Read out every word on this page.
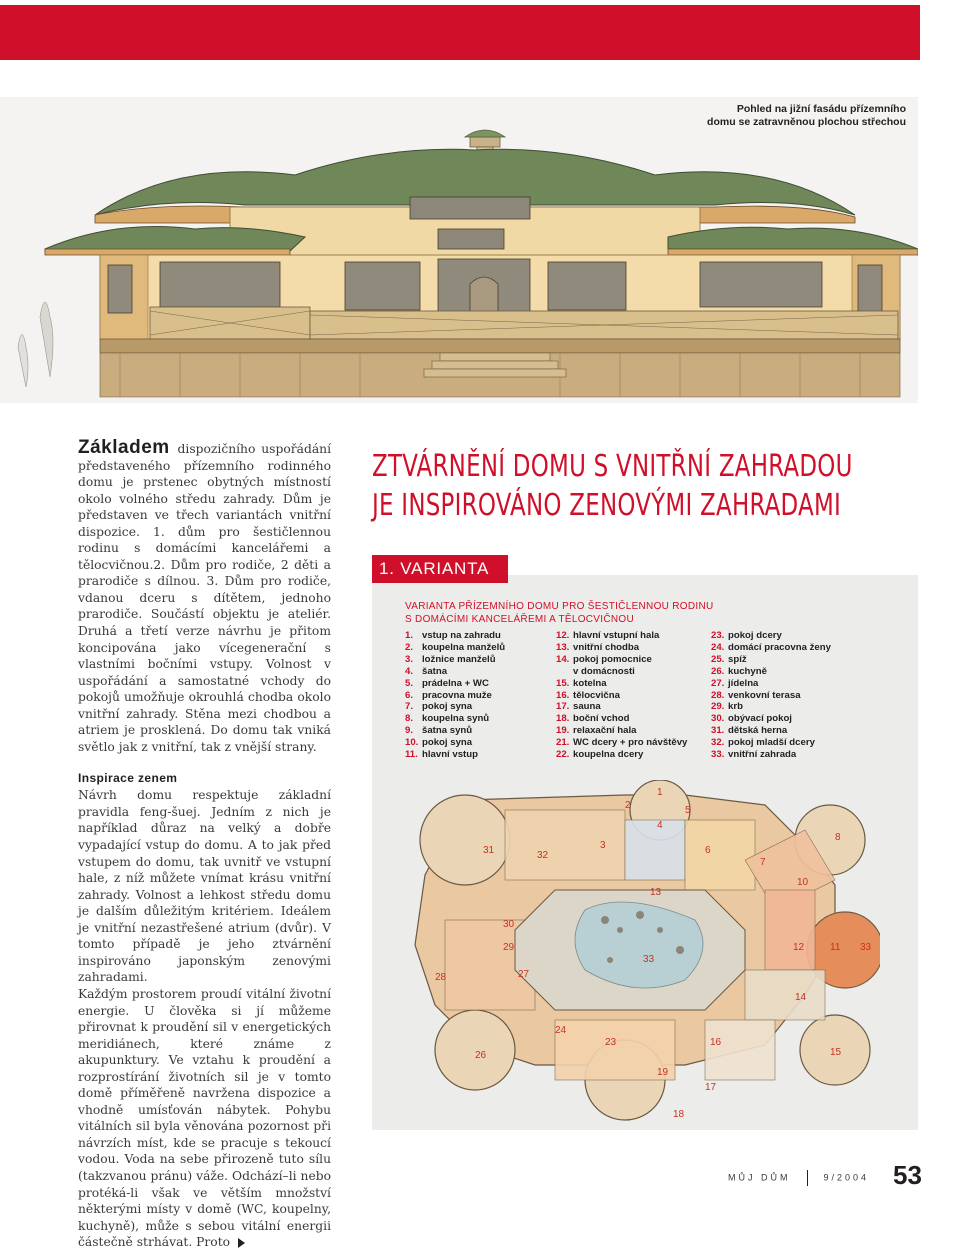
Pohled na jižní fasádu přízemního domu se zatravněnou plochou střechou

Základem dispozičního uspořádání představeného přízemního rodinného domu je prstenec obytných místností okolo volného středu zahrady. Dům je představen ve třech variantách vnitřní dispozice. 1. dům pro šestičlennou rodinu s domácími kancelářemi a tělocvičnou.2. Dům pro rodiče, 2 děti a prarodiče s dílnou. 3. Dům pro rodiče, vdanou dceru s dítětem, jednoho prarodiče. Součástí objektu je ateliér. Druhá a třetí verze návrhu je přitom koncipována jako vícegenerační s vlastními bočními vstupy. Volnost v uspořádání a samostatné vchody do pokojů umožňuje okrouhlá chodba okolo vnitřní zahrady. Stěna mezi chodbou a atriem je prosklená. Do domu tak vniká světlo jak z vnitřní, tak z vnější strany.

Inspirace zenem

Návrh domu respektuje základní pravidla feng-šuej. Jedním z nich je například důraz na velký a dobře vypadající vstup do domu. A to jak před vstupem do domu, tak uvnitř ve vstupní hale, z níž můžete vnímat krásu vnitřní zahrady. Volnost a lehkost středu domu je dalším důležitým kritériem. Ideálem je vnitřní nezastřešené atrium (dvůr). V tomto případě je jeho ztvárnění inspirováno japonským zenovými zahradami.

Každým prostorem proudí vitální životní energie. U člověka si jí můžeme přirovnat k proudění sil v energetických meridiánech, které známe z akupunktury. Ve vztahu k proudění a rozprostírání životních sil je v tomto domě příměřeně navržena dispozice a vhodně umísťován nábytek. Pohybu vitálních sil byla věnována pozornost při návrzích míst, kde se pracuje s tekoucí vodou. Voda na sebe přirozeně tuto sílu (takzvanou pránu) váže. Odchází–li nebo protéká-li však ve větším množství některými místy v domě (WC, koupelny, kuchyně), může s sebou vitální energii částečně strhávat. Proto

ZTVÁRNĚNÍ DOMU S VNITŘNÍ ZAHRADOU
JE INSPIROVÁNO ZENOVÝMI ZAHRADAMI
1. VARIANTA
VARIANTA PŘÍZEMNÍHO DOMU PRO ŠESTIČLENNOU RODINU
S DOMÁCÍMI KANCELÁŘEMI A TĚLOCVIČNOU
1. vstup na zahradu
2. koupelna manželů
3. ložnice manželů
4. šatna
5. prádelna + WC
6. pracovna muže
7. pokoj syna
8. koupelna synů
9. šatna synů
10. pokoj syna
11. hlavní vstup
12. hlavní vstupní hala
13. vnitřní chodba
14. pokoj pomocnice
v domácnosti
15. kotelna
16. tělocvična
17. sauna
18. boční vchod
19. relaxační hala
21. WC dcery + pro návštěvy
22. koupelna dcery
23. pokoj dcery
24. domácí pracovna ženy
25. spíž
26. kuchyně
27. jídelna
28. venkovní terasa
29. krb
30. obývací pokoj
31. dětská herna
32. pokoj mladší dcery
33. vnitřní zahrada
1
2
3
4
5
6
7
8
10
12	11 33
13
14
15
16
17
18
19
23
24
26
27
28
29
30
31	32
33
MŮJ DŮM	9/2004 53
